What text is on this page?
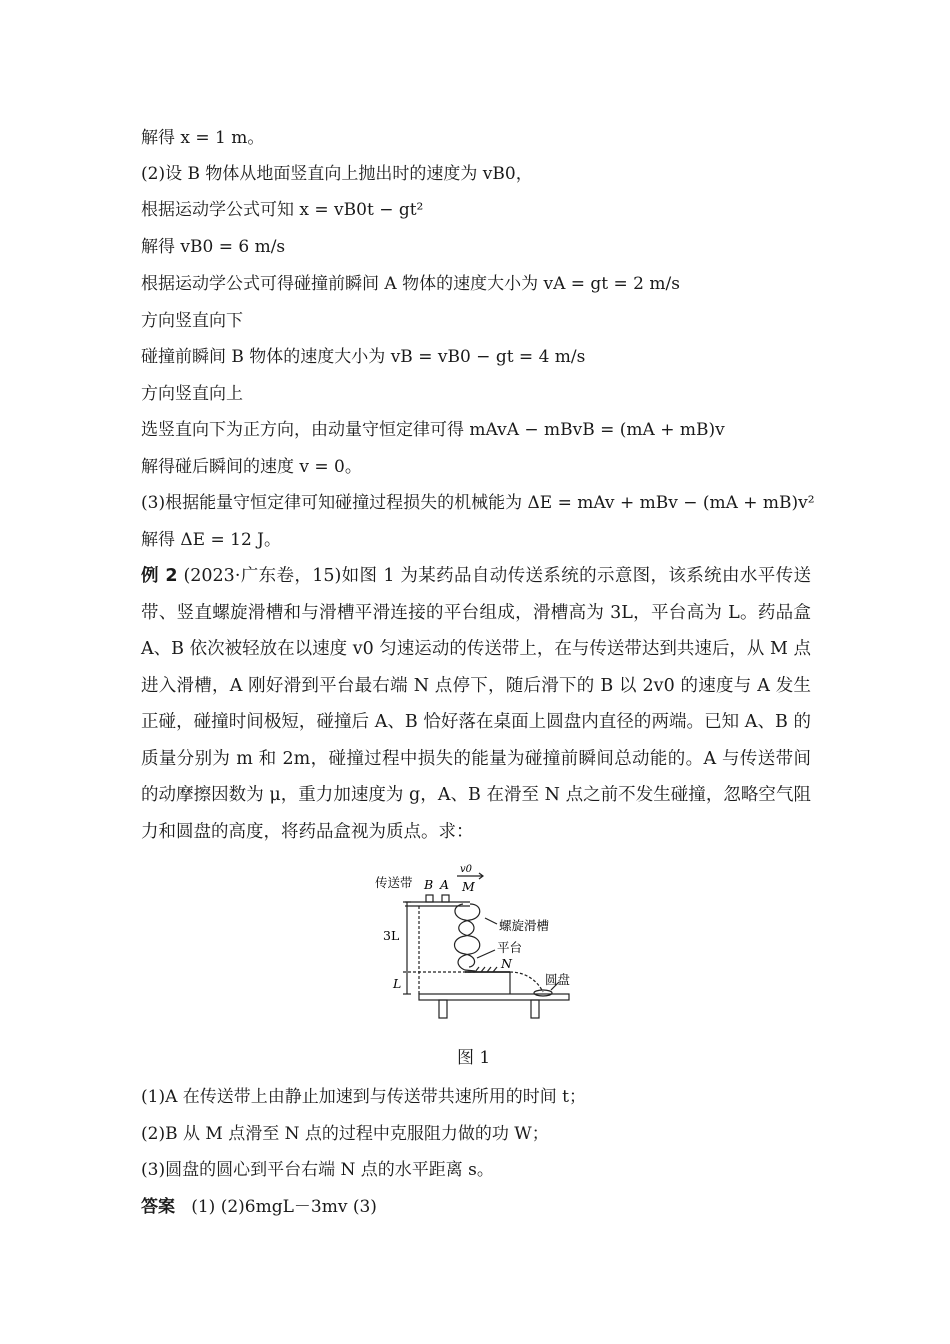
解得 x = 1 m。
(2)设 B 物体从地面竖直向上抛出时的速度为 vB0，
根据运动学公式可知 x = vB0t − gt²
解得 vB0 = 6 m/s
根据运动学公式可得碰撞前瞬间 A 物体的速度大小为 vA = gt = 2 m/s
方向竖直向下
碰撞前瞬间 B 物体的速度大小为 vB = vB0 − gt = 4 m/s
方向竖直向上
选竖直向下为正方向，由动量守恒定律可得 mAvA − mBvB = (mA + mB)v
解得碰后瞬间的速度 v = 0。
(3)根据能量守恒定律可知碰撞过程损失的机械能为 ΔE = mAv + mBv − (mA + mB)v²
解得 ΔE = 12 J。
例 2 (2023·广东卷，15)如图 1 为某药品自动传送系统的示意图，该系统由水平传送带、竖直螺旋滑槽和与滑槽平滑连接的平台组成，滑槽高为 3L，平台高为 L。药品盒 A、B 依次被轻放在以速度 v0 匀速运动的传送带上，在与传送带达到共速后，从 M 点进入滑槽，A 刚好滑到平台最右端 N 点停下，随后滑下的 B 以 2v0 的速度与 A 发生正碰，碰撞时间极短，碰撞后 A、B 恰好落在桌面上圆盘内直径的两端。已知 A、B 的质量分别为 m 和 2m，碰撞过程中损失的能量为碰撞前瞬间总动能的。A 与传送带间的动摩擦因数为 μ，重力加速度为 g，A、B 在滑至 N 点之前不发生碰撞，忽略空气阻力和圆盘的高度，将药品盒视为质点。求：
传送带 B A M
v0
螺旋滑槽
3L
平台
N
L	圆盘
图 1
(1)A 在传送带上由静止加速到与传送带共速所用的时间 t；
(2)B 从 M 点滑至 N 点的过程中克服阻力做的功 W；
(3)圆盘的圆心到平台右端 N 点的水平距离 s。
答案 (1) (2)6mgL－3mv (3)
